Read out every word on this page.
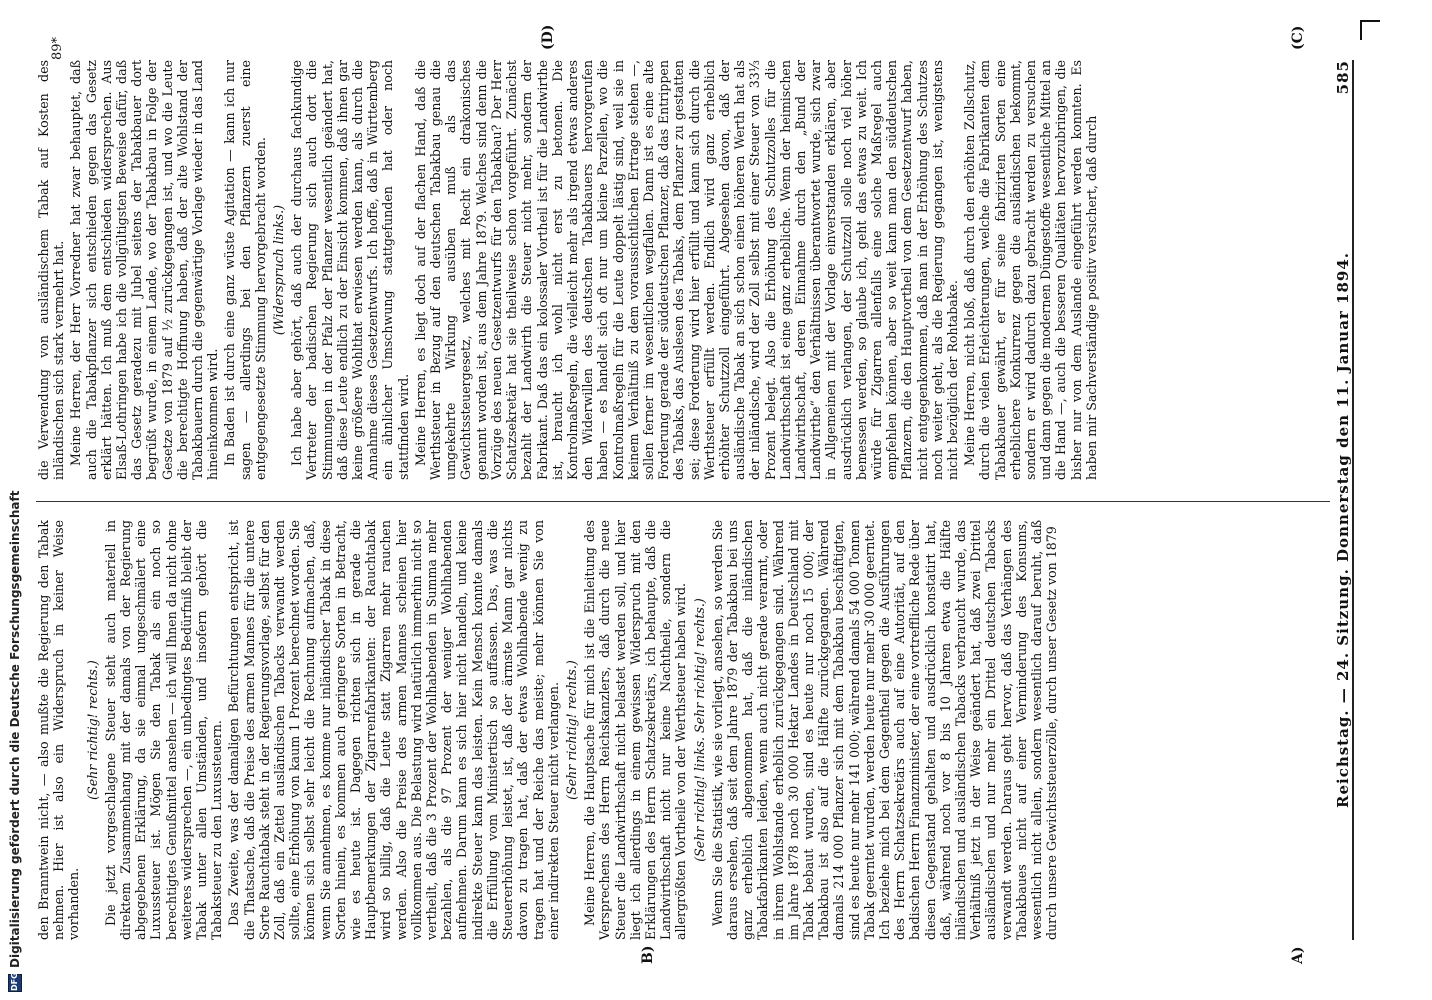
DFG
Digitalisierung gefördert durch die Deutsche Forschungsgemeinschaft den Branntwein nicht, — also mußte die Regierung den Tabak nehmen. Hier ist also ein Widerspruch in keiner Weise vorhanden.

(Sehr richtig! rechts.) Die jetzt vorgeschlagene Steuer steht auch materiell in direktem Zusammenhang mit der damals von der Regierung abgegebenen Erklärung, da sie einmal ungeschmälert eine Luxussteuer ist. Mögen Sie den Tabak als ein noch so berechtigtes Genußmittel ansehen — ich will Ihnen da nicht ohne weiteres widersprechen —, ein unbedingtes Bedürfniß bleibt der Tabak unter allen Umständen, und insofern gehört die Tabaksteuer zu den Luxussteuern. Das Zweite, was der damaligen Befürchtungen entspricht, ist die Thatsache, daß die Preise des armen Mannes für die untere Sorte Rauchtabak steht in der Regierungsvorlage, selbst für den Zoll, daß ein Zettel ausländischen Tabacks verwandt werden sollte, eine Erhöhung von kaum 1 Prozent berechnet worden. Sie können sich selbst sehr leicht die Rechnung aufmachen, daß, wenn Sie annehmen, es komme nur inländischer Tabak in diese Sorten hinein, es kommen auch geringere Sorten in Betracht, wie es heute ist. Dagegen richten sich in gerade die Hauptbemerkungen der Zigarrenfabrikanten: der Rauchtabak wird so billig, daß die Leute statt Zigarren mehr rauchen werden. Also die Preise des armen Mannes scheinen hier vollkommen aus. Die Belastung wird natürlich immerhin nicht so vertheilt, daß die 3 Prozent der Wohlhabenden in Summa mehr bezahlen, als die 97 Prozent der weniger Wohlhabenden aufnehmen. Darum kann es sich hier nicht handeln, und keine indirekte Steuer kann das leisten. Kein Mensch konnte damals die Erfüllung vom Ministertisch so auffassen. Das, was die Steuererhöhung leistet, ist, daß der ärmste Mann gar nichts davon zu tragen hat, daß der etwas Wohlhabende wenig zu tragen hat und der Reiche das meiste; mehr können Sie von einer indirekten Steuer nicht verlangen. (Sehr richtig! rechts.) Meine Herren, die Hauptsache für mich ist die Einleitung des Versprechens des Herrn Reichskanzlers, daß durch die neue Steuer die Landwirthschaft nicht belastet werden soll, und hier liegt ich allerdings in einem gewissen Widerspruch mit den Erklärungen des Herrn Schatzsekretärs, ich behaupte, daß die Landwirthschaft nicht nur keine Nachtheile, sondern die allergrößten Vortheile von der Werthsteuer haben wird. (Sehr richtig! links. Sehr richtig! rechts.) Wenn Sie die Statistik, wie sie vorliegt, ansehen, so werden Sie daraus ersehen, daß seit dem Jahre 1879 der Tabakbau bei uns ganz erheblich abgenommen hat, daß die inländischen Tabakfabrikanten leiden, wenn auch nicht gerade verarmt, oder in ihrem Wohlstande erheblich zurückgegangen sind. Während im Jahre 1878 noch 30 000 Hektar Landes in Deutschland mit Tabak bebaut wurden, sind es heute nur noch 15 000; der Tabakbau ist also auf die Hälfte zurückgegangen. Während damals 214 000 Pflanzer sich mit dem Tabakbau beschäftigten, sind es heute nur mehr 141 000; während damals 54 000 Tonnen Tabak geerntet wurden, werden heute nur mehr 30 000 geerntet. Ich beziehe mich bei dem Gegentheil gegen die Ausführungen des Herrn Schatzsekretärs auch auf eine Autorität, auf den badischen Herrn Finanzminister, der eine vortreffliche Rede über diesen Gegenstand gehalten und ausdrücklich konstatirt hat, daß, während noch vor 8 bis 10 Jahren etwa die Hälfte inländischen und ausländischen Tabacks verbraucht wurde, das Verhältniß jetzt in der Weise geändert hat, daß zwei Drittel ausländischen und nur mehr ein Drittel deutschen Tabacks verwandt werden. Daraus geht hervor, daß das Verhängen des Tabakbaues nicht auf einer Verminderung des Konsums, wesentlich nicht allein, sondern wesentlich darauf beruht, daß durch unsere Gewichtssteuerzölle, durch unser Gesetz von 1879

die Verwendung von ausländischem Tabak auf Kosten des inländischen sich stark vermehrt hat. Meine Herren, der Herr Vorredner hat zwar behauptet, daß auch die Tabakpflanzer sich entschieden gegen das Gesetz erklärt hätten. Ich muß dem entschieden widersprechen. Aus Elsaß-Lothringen habe ich die vollgültigsten Beweise dafür, daß das Gesetz geradezu mit Jubel seitens der Tabakbauer dort begrüßt wurde, in einem Lande, wo der Tabakbau in Folge der Gesetze von 1879 auf ½ zurückgegangen ist, und wo die Leute die berechtigte Hoffnung haben, daß der alte Wohlstand der Tabakbauern durch die gegenwärtige Vorlage wieder in das Land hineinkommen wird. In Baden ist durch eine ganz wüste Agitation — kann ich nur sagen — allerdings bei den Pflanzern zuerst eine entgegengesetzte Stimmung hervorgebracht worden. (Widerspruch links.) Ich habe aber gehört, daß auch der durchaus fachkundige Vertreter der badischen Regierung sich auch dort die Stimmungen in der Pfalz der Pflanzer wesentlich geändert hat, daß diese Leute endlich zu der Einsicht kommen, daß ihnen gar keine größere Wohlthat erwiesen werden kann, als durch die Annahme dieses Gesetzentwurfs. Ich hoffe, daß in Württemberg ein ähnlicher Umschwung stattgefunden hat oder noch stattfinden wird. Meine Herren, es liegt doch auf der flachen Hand, daß die Werthsteuer in Bezug auf den deutschen Tabakbau genau die umgekehrte Wirkung ausüben muß als das Gewichtssteuergesetz, welches mit Recht ein drakonisches genannt worden ist, aus dem Jahre 1879. Welches sind denn die Vorzüge des neuen Gesetzentwurfs für den Tabakbau? Der Herr Schatzsekretär hat sie theilweise schon vorgeführt. Zunächst bezahlt der Landwirth die Steuer nicht mehr, sondern der Fabrikant. Daß das ein kolossaler Vortheil ist für die Landwirthe ist, braucht ich wohl nicht erst zu betonen. Die Kontrolmaßregeln, die vielleicht mehr als irgend etwas anderes den Widerwillen des deutschen Tabakbauers hervorgerufen haben — es handelt sich oft nur um kleine Parzellen, wo die Kontrolmaßregeln für die Leute doppelt lästig sind, weil sie in keinem Verhältniß zu dem voraussichtlichen Ertrage stehen —, sollen ferner im wesentlichen wegfallen. Dann ist es eine alte Forderung gerade der süddeutschen Pflanzer, daß das Entrippen des Tabaks, das Auslesen des Tabaks, dem Pflanzer zu gestatten sei; diese Forderung wird hier erfüllt und kann sich durch die Werthsteuer erfüllt werden. Endlich wird ganz erheblich erhöhter Schutzzoll eingeführt. Abgesehen davon, daß der ausländische Tabak an sich schon einen höheren Werth hat als der inländische, wird der Zoll selbst mit einer Steuer von 33⅓ Prozent belegt. Also die Erhöhung des Schutzzolles für die Landwirthschaft ist eine ganz erhebliche. Wenn der heimischen Landwirthschaft, deren Einnahme durch den „Bund der Landwirthe“ den Verhältnissen überantwortet wurde, sich zwar in Allgemeinen mit der Vorlage einverstanden erklären, aber ausdrücklich verlangen, der Schutzzoll solle noch viel höher bemessen werden, so glaube ich, geht das etwas zu weit. Ich würde für Zigarren allenfalls eine solche Maßregel auch empfehlen können, aber so weit kann man den süddeutschen Pflanzern, die den Hauptvortheil von dem Gesetzentwurf haben, nicht entgegenkommen, daß man in der Erhöhung des Schutzes noch weiter geht, als die Regierung gegangen ist, wenigstens nicht bezüglich der Rohtabake. Meine Herren, nicht bloß, daß durch den erhöhten Zollschutz, durch die vielen Erleichterungen, welche die Fabrikanten dem Tabakbauer gewährt, er für seine fabrizirten Sorten eine erheblichere Konkurrenz gegen die ausländischen bekommt, sondern er wird dadurch dazu gebracht werden zu versuchen und dann gegen die modernen Düngestoffe wesentliche Mittel an die Hand —, auch die besseren Qualitäten hervorzubringen, die bisher nur von dem Auslande eingeführt werden konnten. Es haben mir Sachverständige positiv versichert, daß durch

A)
B)
(C)
(D)
89*
Reichstag. — 24. Sitzung. Donnerstag den 11. Januar 1894.
585
